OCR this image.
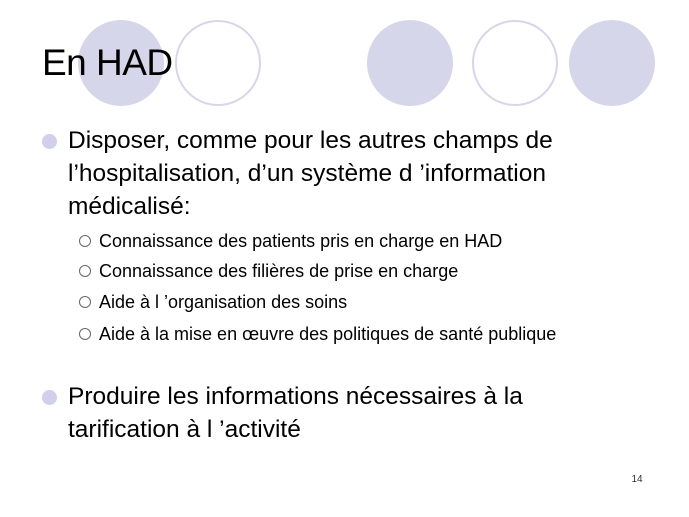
En HAD
Disposer, comme pour les autres champs de l’hospitalisation, d’un système d ’information médicalisé:
Connaissance des patients pris en charge en HAD
Connaissance des filières de prise en charge
Aide à l ’organisation des soins
Aide à la mise en œuvre des politiques de santé publique
Produire les informations nécessaires à la tarification à l ’activité
14
